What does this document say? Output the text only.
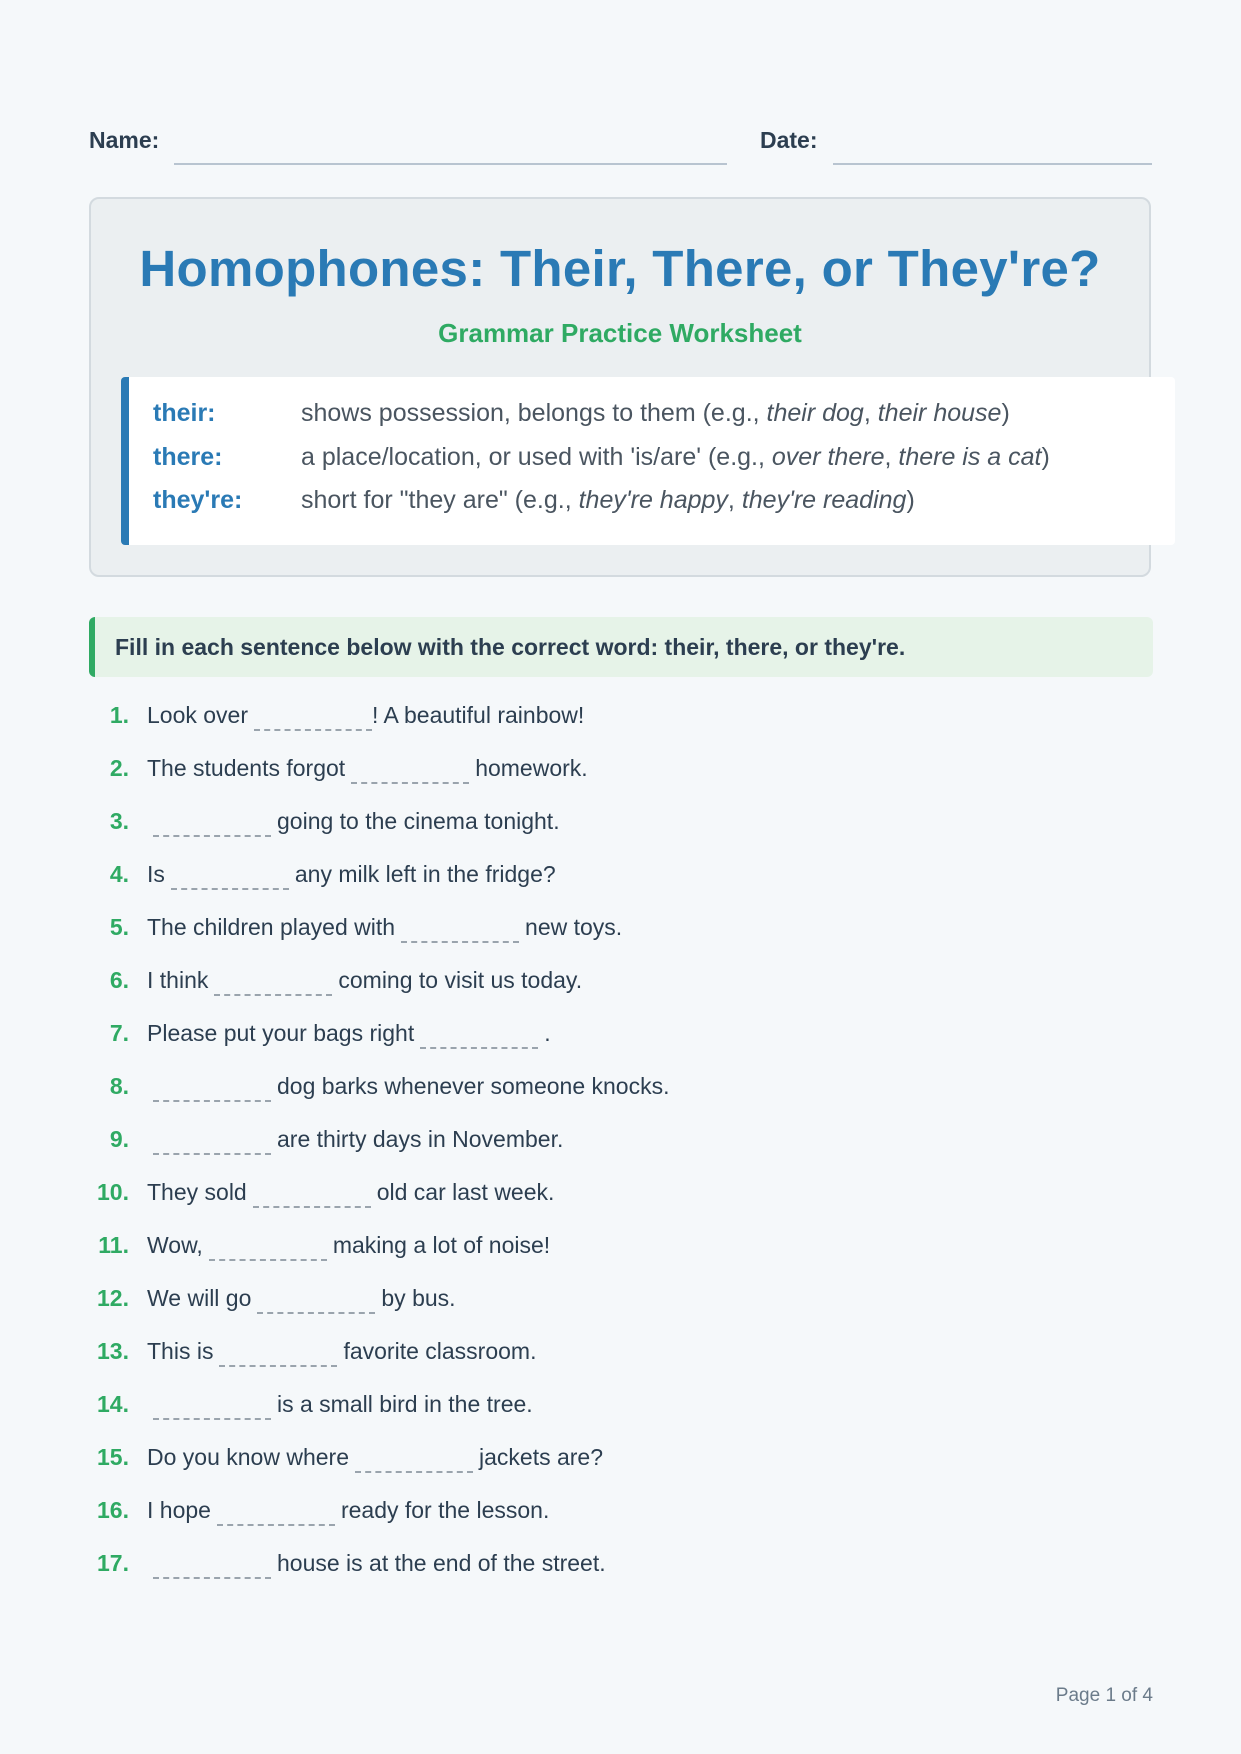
Name:	Date:
Homophones: Their, There, or They're?
Grammar Practice Worksheet
their:	shows possession, belongs to them (e.g., their dog, their house)
there:	a place/location, or used with 'is/are' (e.g., over there, there is a cat)
they're: short for "they are" (e.g., they're happy, they're reading)
Fill in each sentence below with the correct word: their, there, or they're.
1. Look over	! A beautiful rainbow!
2. The students forgot	homework.
3.	going to the cinema tonight.
4. Is	any milk left in the fridge?
5. The children played with	new toys.
6. I think	coming to visit us today.
7. Please put your bags right	.
8.	dog barks whenever someone knocks.
9.	are thirty days in November.
10. They sold	old car last week.
11. Wow,	making a lot of noise!
12. We will go	by bus.
13. This is	favorite classroom.
14.	is a small bird in the tree.
15. Do you know where	jackets are?
16. I hope	ready for the lesson.
17.	house is at the end of the street.
Page 1 of 4
